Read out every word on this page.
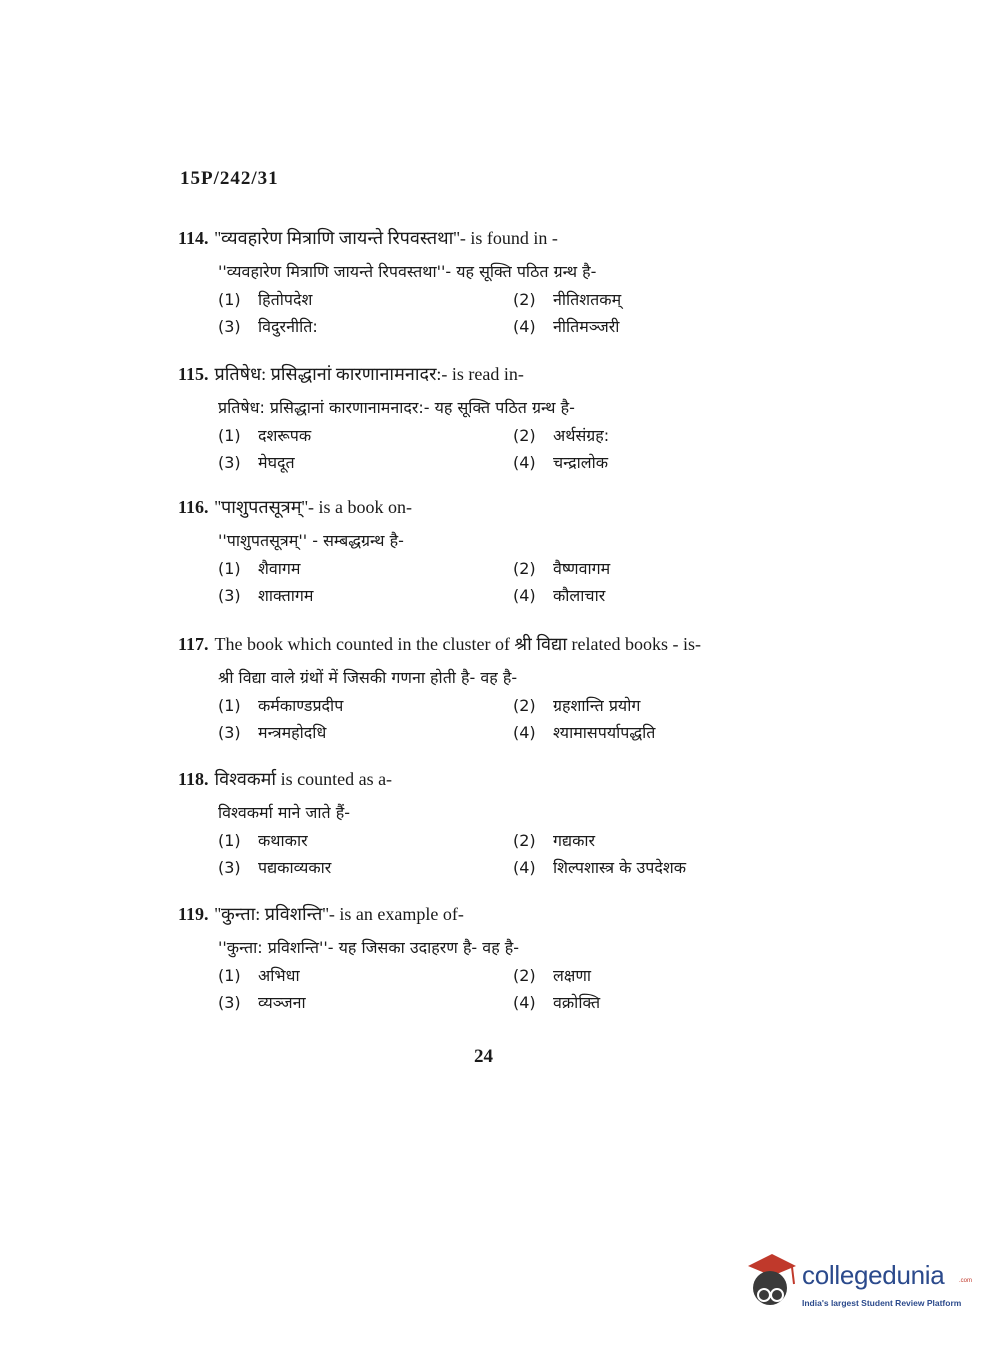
15P/242/31
114. ''व्यवहारेण मित्राणि जायन्ते रिपवस्तथा''- is found in -
''व्यवहारेण मित्राणि जायन्ते रिपवस्तथा''- यह सूक्ति पठित ग्रन्थ है-
(1) हितोपदेश	(2) नीतिशतकम्
(3) विदुरनीति:	(4) नीतिमञ्जरी
115. प्रतिषेध: प्रसिद्धानां कारणानामनादर:- is read in-
प्रतिषेध: प्रसिद्धानां कारणानामनादर:- यह सूक्ति पठित ग्रन्थ है-
(1) दशरूपक	(2) अर्थसंग्रह:
(3) मेघदूत	(4) चन्द्रालोक
116. ''पाशुपतसूत्रम्''- is a book on-
''पाशुपतसूत्रम्'' - सम्बद्धग्रन्थ है-
(1) शैवागम	(2) वैष्णवागम
(3) शाक्तागम	(4) कौलाचार
117. The book which counted in the cluster of श्री विद्या related books - is-
श्री विद्या वाले ग्रंथों में जिसकी गणना होती है- वह है-
(1) कर्मकाण्डप्रदीप	(2) ग्रहशान्ति प्रयोग
(3) मन्त्रमहोदधि	(4) श्यामासपर्यापद्धति
118. विश्वकर्मा is counted as a-
विश्वकर्मा माने जाते हैं-
(1) कथाकार	(2) गद्यकार
(3) पद्यकाव्यकार	(4) शिल्पशास्त्र के उपदेशक
119. ''कुन्ता: प्रविशन्ति''- is an example of-
''कुन्ता: प्रविशन्ति''- यह जिसका उदाहरण है- वह है-
(1) अभिधा	(2) लक्षणा
(3) व्यञ्जना	(4) वक्रोक्ति
24
collegedunia .com
India's largest Student Review Platform
